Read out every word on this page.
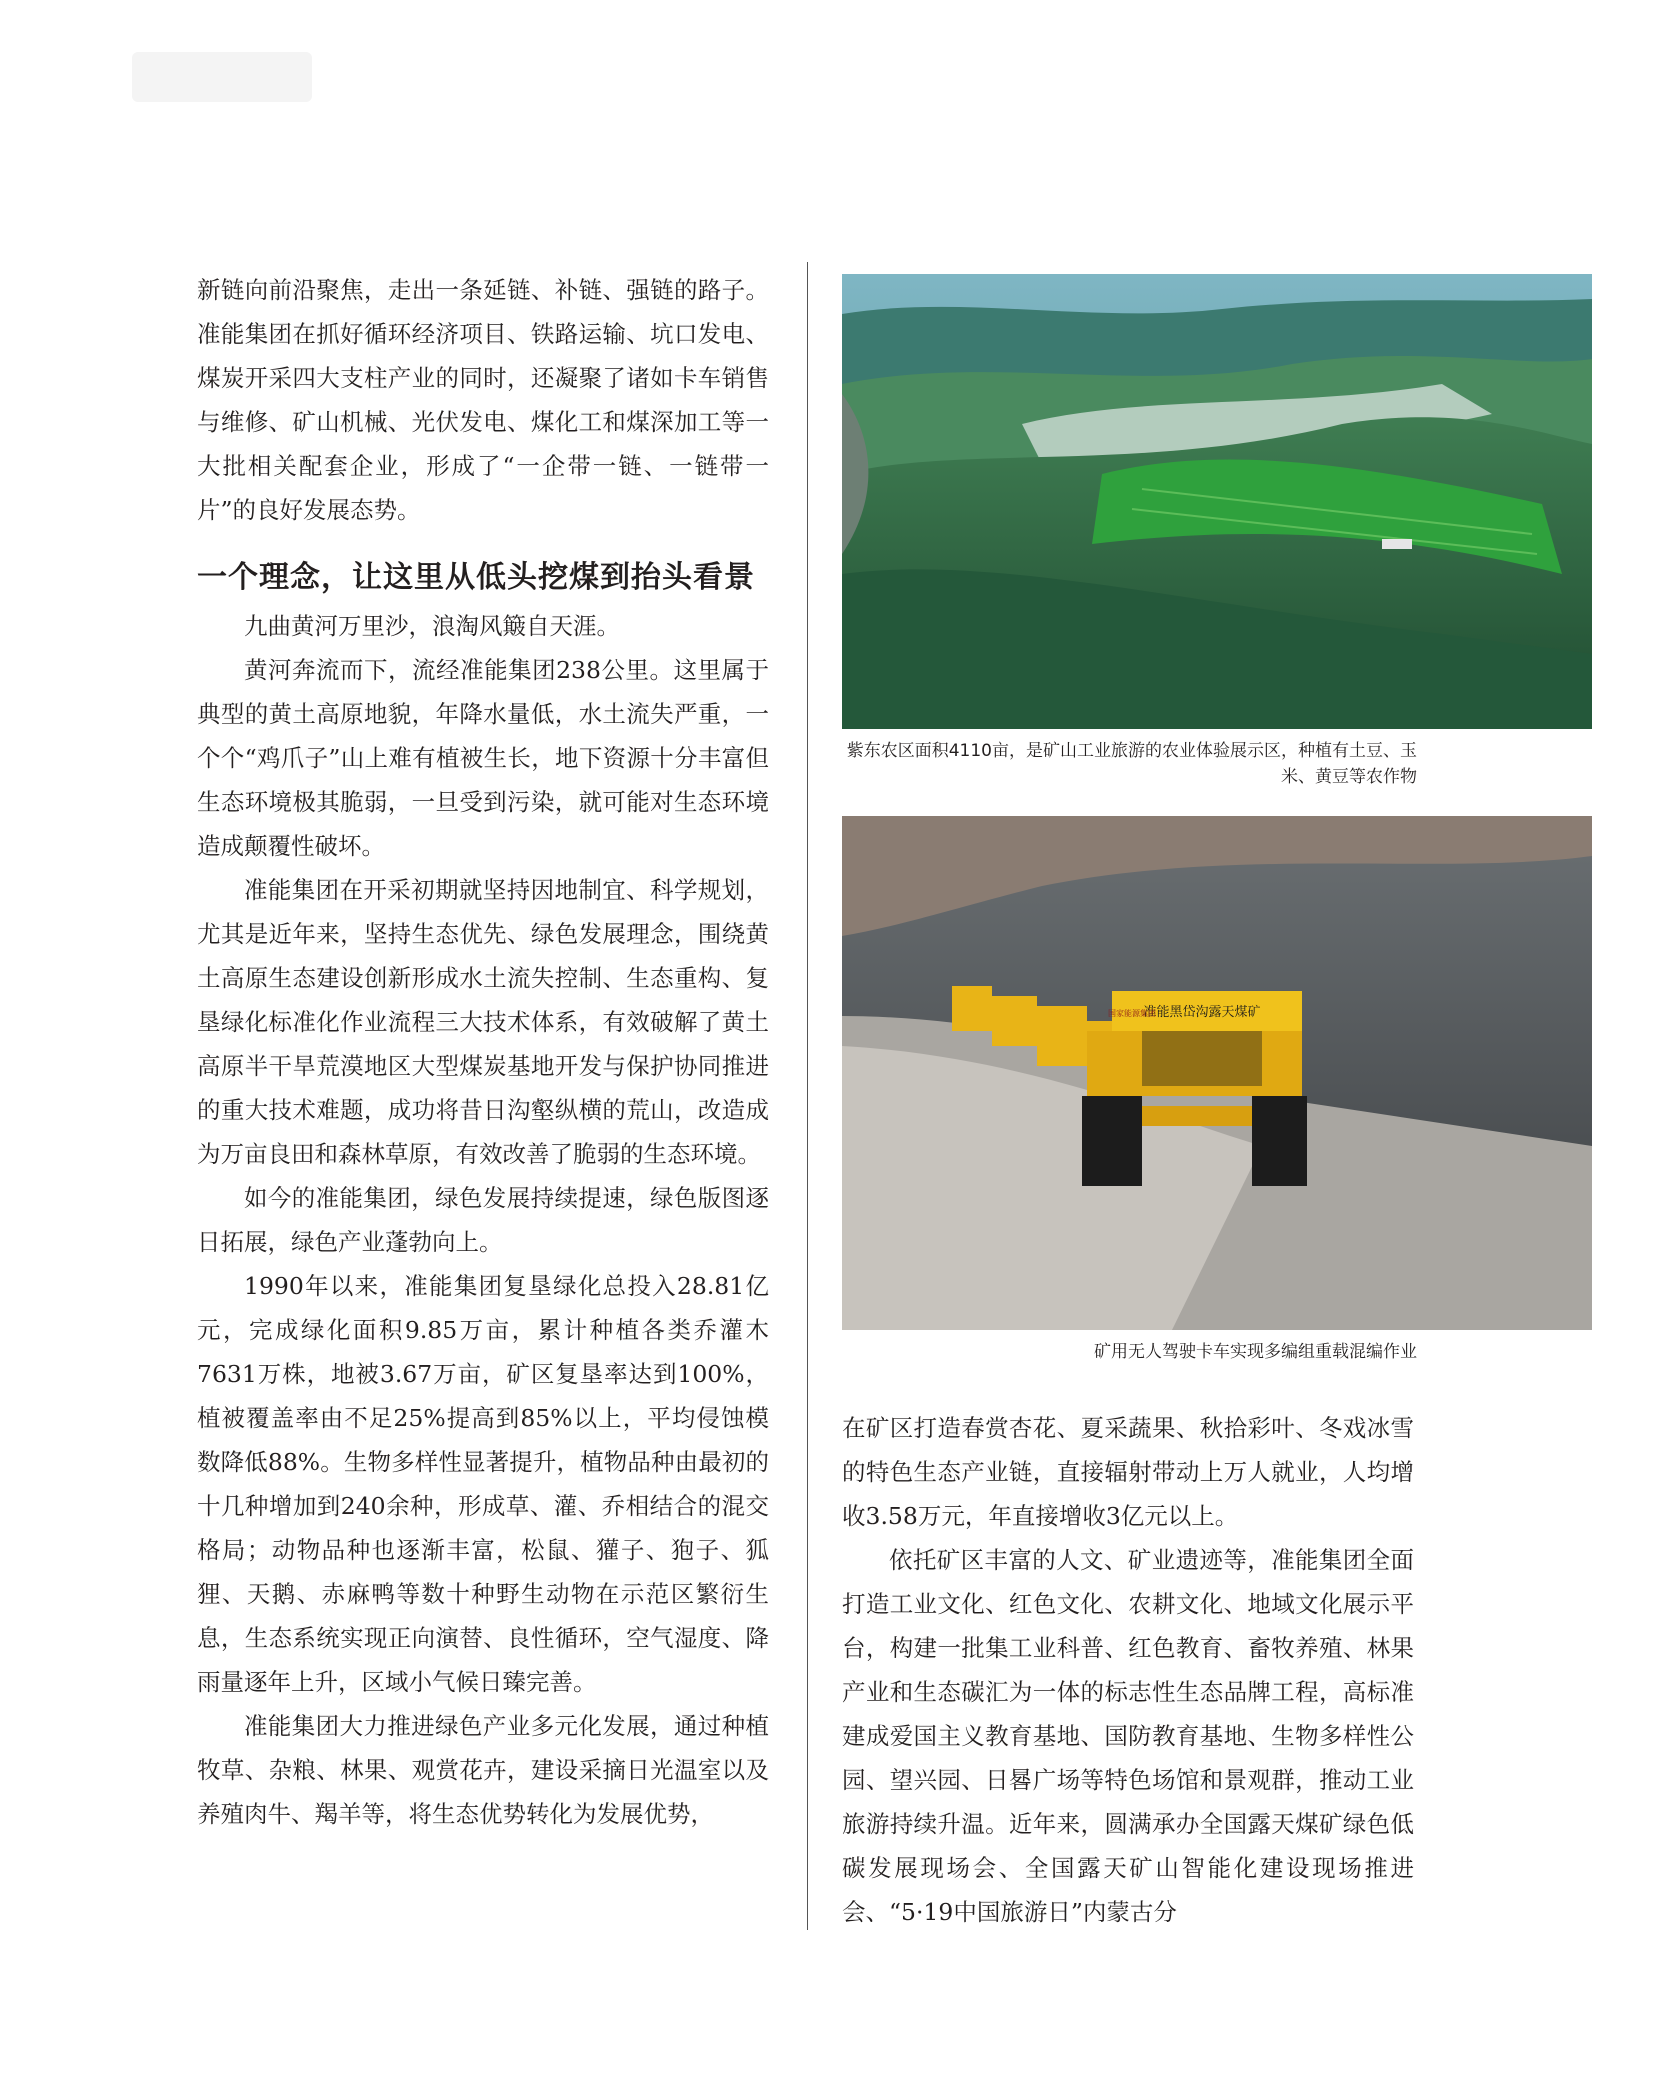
新链向前沿聚焦，走出一条延链、补链、强链的路子。准能集团在抓好循环经济项目、铁路运输、坑口发电、煤炭开采四大支柱产业的同时，还凝聚了诸如卡车销售与维修、矿山机械、光伏发电、煤化工和煤深加工等一大批相关配套企业，形成了“一企带一链、一链带一片”的良好发展态势。

一个理念，让这里从低头挖煤到抬头看景

九曲黄河万里沙，浪淘风簸自天涯。

黄河奔流而下，流经准能集团238公里。这里属于典型的黄土高原地貌，年降水量低，水土流失严重，一个个“鸡爪子”山上难有植被生长，地下资源十分丰富但生态环境极其脆弱，一旦受到污染，就可能对生态环境造成颠覆性破坏。

准能集团在开采初期就坚持因地制宜、科学规划，尤其是近年来，坚持生态优先、绿色发展理念，围绕黄土高原生态建设创新形成水土流失控制、生态重构、复垦绿化标准化作业流程三大技术体系，有效破解了黄土高原半干旱荒漠地区大型煤炭基地开发与保护协同推进的重大技术难题，成功将昔日沟壑纵横的荒山，改造成为万亩良田和森林草原，有效改善了脆弱的生态环境。

如今的准能集团，绿色发展持续提速，绿色版图逐日拓展，绿色产业蓬勃向上。

1990年以来，准能集团复垦绿化总投入28.81亿元，完成绿化面积9.85万亩，累计种植各类乔灌木7631万株，地被3.67万亩，矿区复垦率达到100%，植被覆盖率由不足25%提高到85%以上，平均侵蚀模数降低88%。生物多样性显著提升，植物品种由最初的十几种增加到240余种，形成草、灌、乔相结合的混交格局；动物品种也逐渐丰富，松鼠、獾子、狍子、狐狸、天鹅、赤麻鸭等数十种野生动物在示范区繁衍生息，生态系统实现正向演替、良性循环，空气湿度、降雨量逐年上升，区域小气候日臻完善。

准能集团大力推进绿色产业多元化发展，通过种植牧草、杂粮、林果、观赏花卉，建设采摘日光温室以及养殖肉牛、羯羊等，将生态优势转化为发展优势，

紫东农区面积4110亩，是矿山工业旅游的农业体验展示区，种植有土豆、玉米、黄豆等农作物
准能黑岱沟露天煤矿
国家能源集团
矿用无人驾驶卡车实现多编组重载混编作业

在矿区打造春赏杏花、夏采蔬果、秋拾彩叶、冬戏冰雪的特色生态产业链，直接辐射带动上万人就业，人均增收3.58万元，年直接增收3亿元以上。

依托矿区丰富的人文、矿业遗迹等，准能集团全面打造工业文化、红色文化、农耕文化、地域文化展示平台，构建一批集工业科普、红色教育、畜牧养殖、林果产业和生态碳汇为一体的标志性生态品牌工程，高标准建成爱国主义教育基地、国防教育基地、生物多样性公园、望兴园、日晷广场等特色场馆和景观群，推动工业旅游持续升温。近年来，圆满承办全国露天煤矿绿色低碳发展现场会、全国露天矿山智能化建设现场推进会、“5·19中国旅游日”内蒙古分
